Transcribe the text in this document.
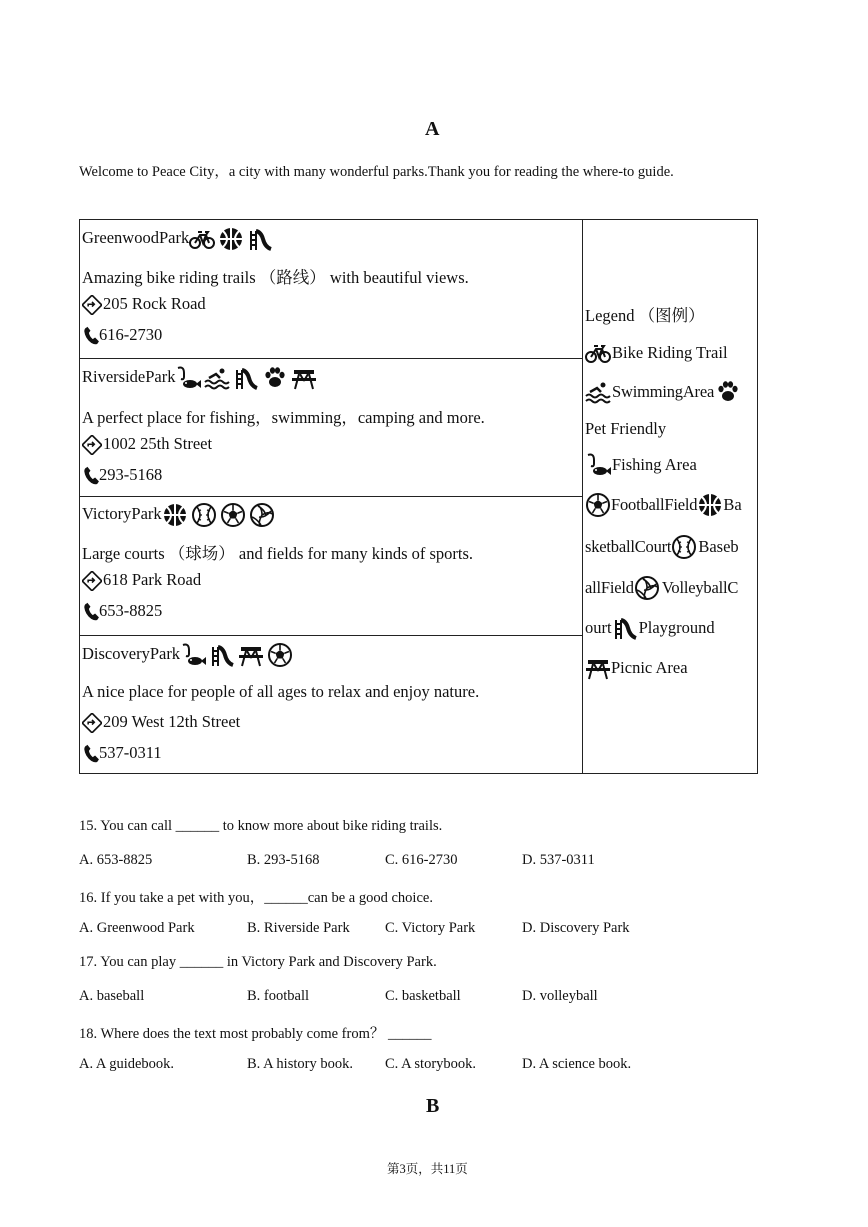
A
Welcome to Peace City，a city with many wonderful parks.Thank you for reading the where-to guide.
GreenwoodPark
Amazing bike riding trails （路线） with beautiful views.
205 Rock Road
616-2730

Legend （图例）
Bike Riding Trail
SwimmingArea
Pet Friendly
Fishing Area
FootballField Ba
sketballCourt Baseb
allField VolleyballC
ourt Playground
Picnic Area

RiversidePark
A perfect place for fishing，swimming，camping and more.
1002 25th Street
293-5168

VictoryPark
Large courts （球场） and fields for many kinds of sports.
618 Park Road
653-8825

DiscoveryPark
A nice place for people of all ages to relax and enjoy nature.
209 West 12th Street
537-0311
15. You can call ______ to know more about bike riding trails.
A. 653-8825	B. 293-5168	C. 616-2730	D. 537-0311
16. If you take a pet with you，______can be a good choice.
A. Greenwood Park	B. Riverside Park C. Victory Park	D. Discovery Park
17. You can play ______ in Victory Park and Discovery Park.
A. baseball	B. football	C. basketball	D. volleyball
18. Where does the text most probably come from？ ______
A. A guidebook.	B. A history book. C. A storybook.	D. A science book.
B
第3页，共11页
